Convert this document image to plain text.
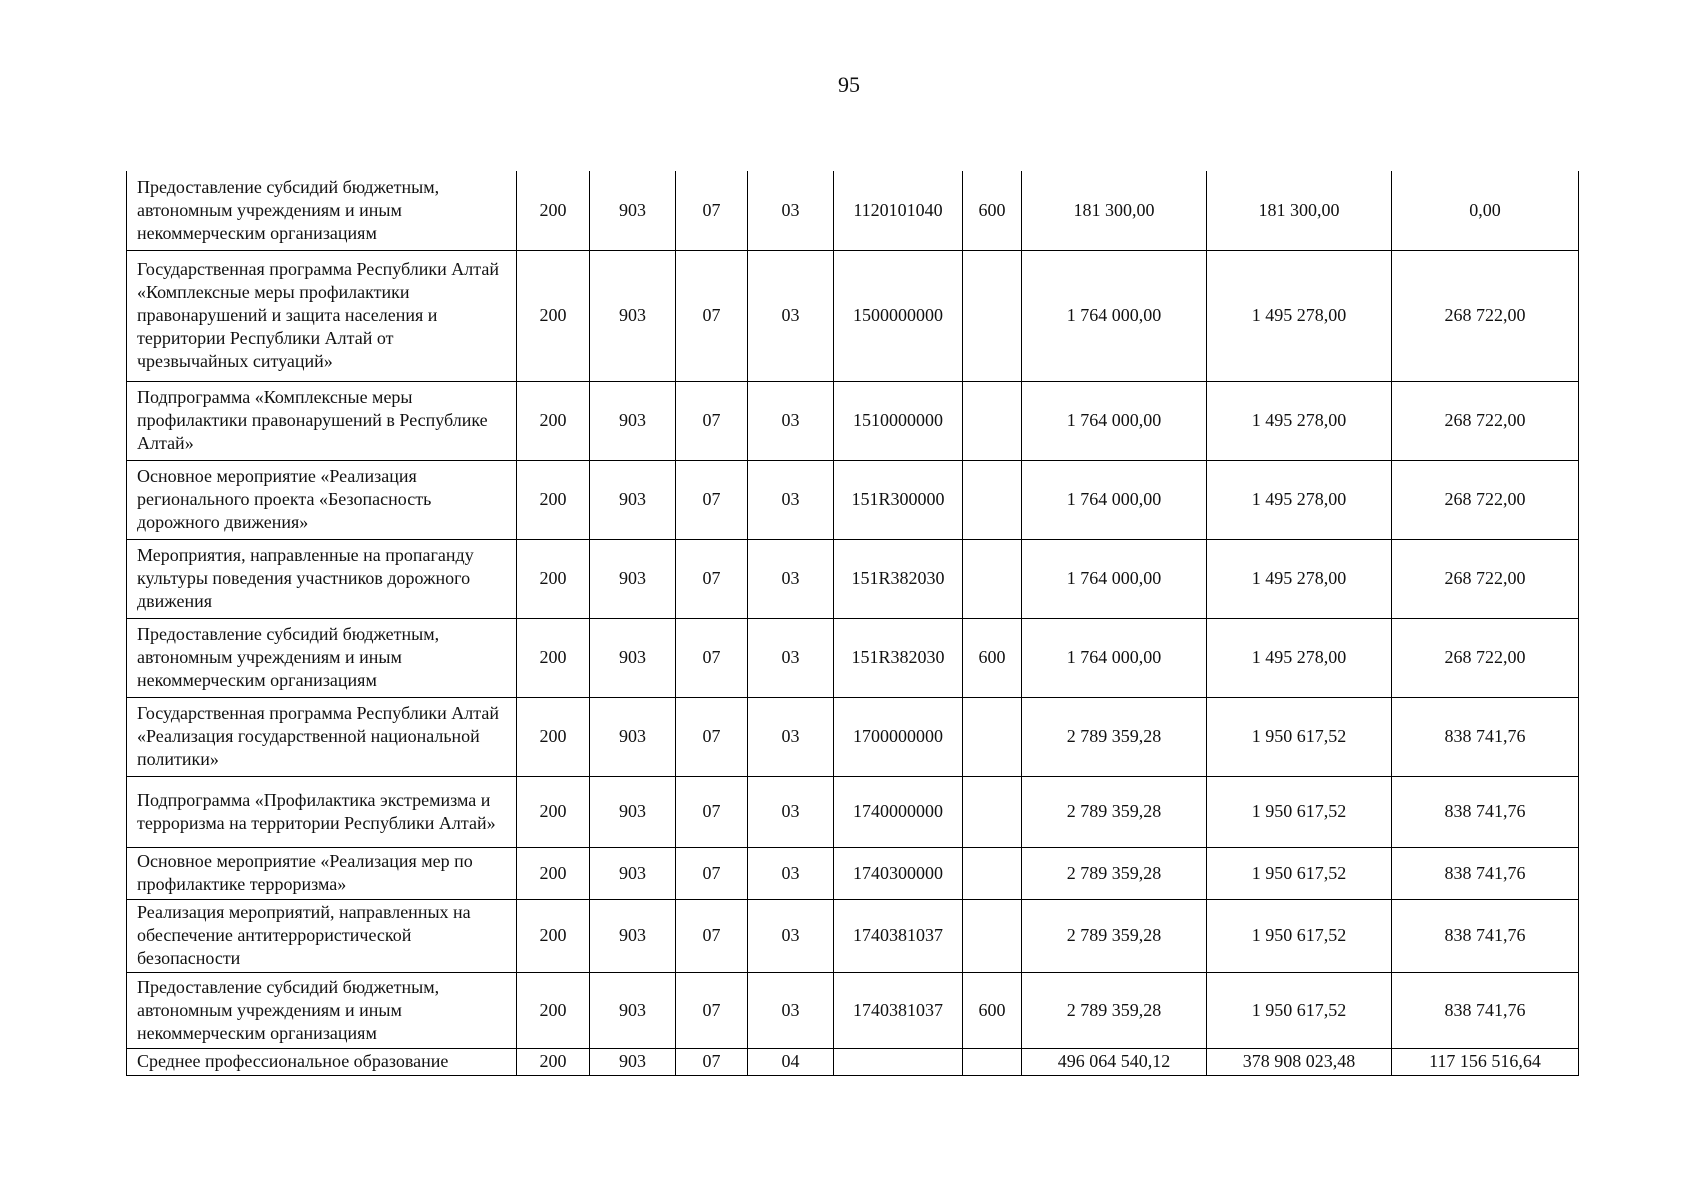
95
Предоставление субсидий бюджетным, автономным учреждениям и иным некоммерческим организациям	200	903	07	03	1120101040	600	181 300,00	181 300,00	0,00
Государственная программа Республики Алтай «Комплексные меры профилактики правонарушений и защита населения и территории Республики Алтай от чрезвычайных ситуаций»	200	903	07	03	1500000000		1 764 000,00	1 495 278,00	268 722,00
Подпрограмма «Комплексные меры профилактики правонарушений в Республике Алтай»	200	903	07	03	1510000000		1 764 000,00	1 495 278,00	268 722,00
Основное мероприятие «Реализация регионального проекта «Безопасность дорожного движения»	200	903	07	03	151R300000		1 764 000,00	1 495 278,00	268 722,00
Мероприятия, направленные на пропаганду культуры поведения участников дорожного движения	200	903	07	03	151R382030		1 764 000,00	1 495 278,00	268 722,00
Предоставление субсидий бюджетным, автономным учреждениям и иным некоммерческим организациям	200	903	07	03	151R382030	600	1 764 000,00	1 495 278,00	268 722,00
Государственная программа Республики Алтай «Реализация государственной национальной политики»	200	903	07	03	1700000000		2 789 359,28	1 950 617,52	838 741,76
Подпрограмма «Профилактика экстремизма и терроризма на территории Республики Алтай»	200	903	07	03	1740000000		2 789 359,28	1 950 617,52	838 741,76
Основное мероприятие «Реализация мер по профилактике терроризма»	200	903	07	03	1740300000		2 789 359,28	1 950 617,52	838 741,76
Реализация мероприятий, направленных на обеспечение антитеррористической безопасности	200	903	07	03	1740381037		2 789 359,28	1 950 617,52	838 741,76
Предоставление субсидий бюджетным, автономным учреждениям и иным некоммерческим организациям	200	903	07	03	1740381037	600	2 789 359,28	1 950 617,52	838 741,76
Среднее профессиональное образование	200	903	07	04			496 064 540,12	378 908 023,48	117 156 516,64
